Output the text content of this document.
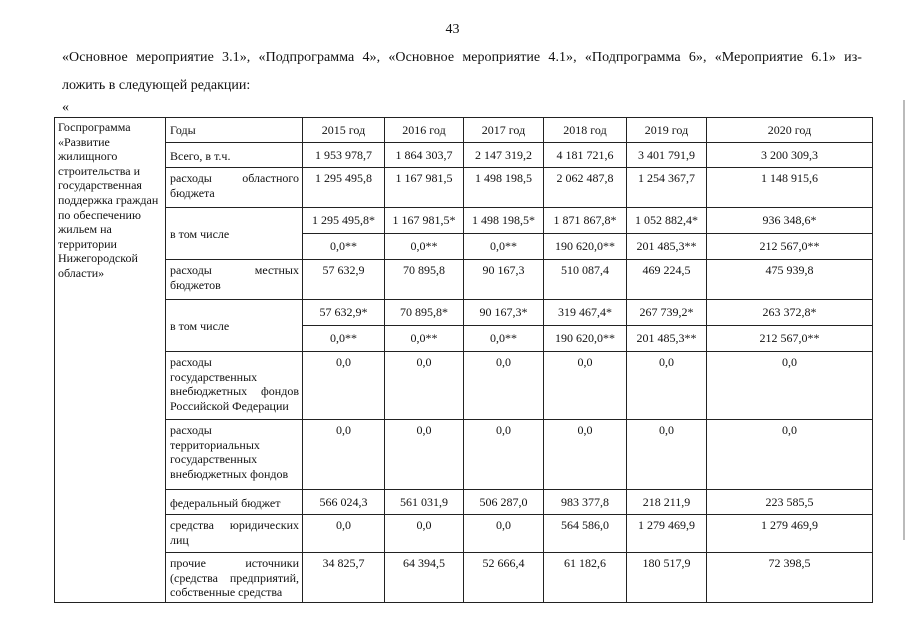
43
«Основное мероприятие 3.1», «Подпрограмма 4», «Основное мероприятие 4.1», «Подпрограмма 6», «Мероприятие 6.1» из-
ложить в следующей редакции:
«
Госпрограмма «Развитие жилищного строительства и государственная поддержка граждан по обеспечению жильем на территории Нижегородской области»	Годы	2015 год	2016 год	2017 год	2018 год	2019 год	2020 год
	Всего, в т.ч.	1 953 978,7	1 864 303,7	2 147 319,2	4 181 721,6	3 401 791,9	3 200 309,3
	расходы областного бюджета	1 295 495,8	1 167 981,5	1 498 198,5	2 062 487,8	1 254 367,7	1 148 915,6
	в том числе	1 295 495,8*	1 167 981,5*	1 498 198,5*	1 871 867,8*	1 052 882,4*	936 348,6*
		0,0**	0,0**	0,0**	190 620,0**	201 485,3**	212 567,0**
	расходы местных бюджетов	57 632,9	70 895,8	90 167,3	510 087,4	469 224,5	475 939,8
	в том числе	57 632,9*	70 895,8*	90 167,3*	319 467,4*	267 739,2*	263 372,8*
		0,0**	0,0**	0,0**	190 620,0**	201 485,3**	212 567,0**
	расходы государственных внебюджетных фондов Российской Федерации	0,0	0,0	0,0	0,0	0,0	0,0
	расходы территориальных государственных внебюджетных фондов	0,0	0,0	0,0	0,0	0,0	0,0
	федеральный бюджет	566 024,3	561 031,9	506 287,0	983 377,8	218 211,9	223 585,5
	средства юридических лиц	0,0	0,0	0,0	564 586,0	1 279 469,9	1 279 469,9
	прочие источники (средства предприятий, собственные средства	34 825,7	64 394,5	52 666,4	61 182,6	180 517,9	72 398,5
